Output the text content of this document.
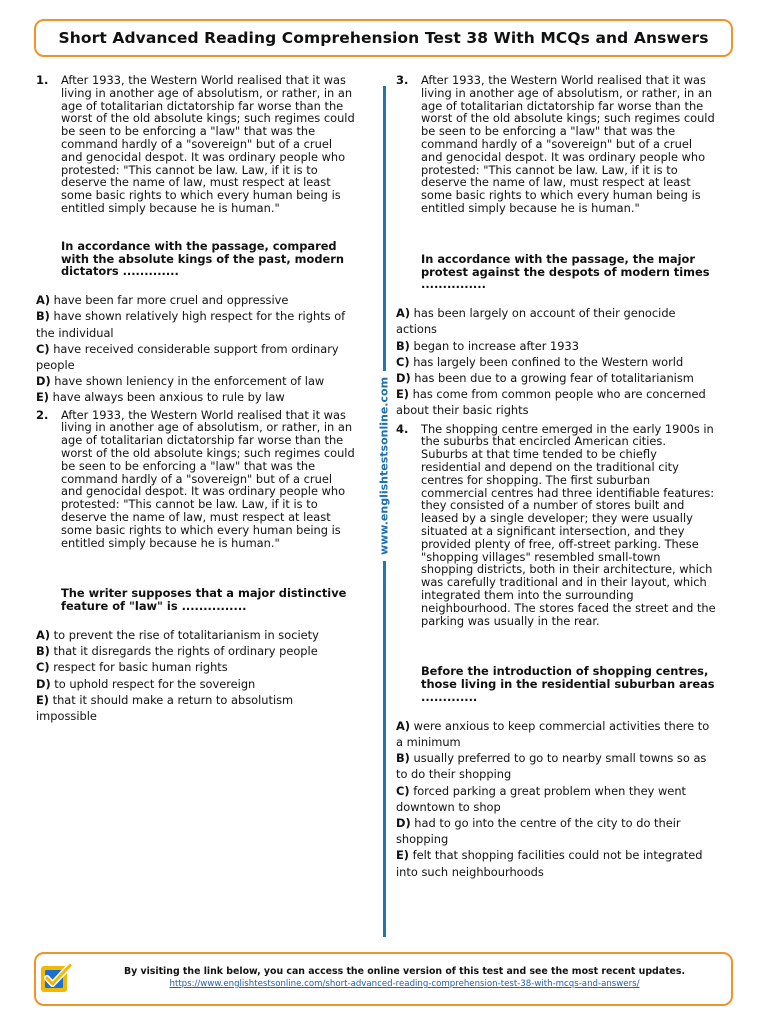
Short Advanced Reading Comprehension Test 38 With MCQs and Answers
www.englishtestsonline.com
1. After 1933, the Western World realised that it was living in another age of absolutism, or rather, in an age of totalitarian dictatorship far worse than the worst of the old absolute kings; such regimes could be seen to be enforcing a "law" that was the command hardly of a "sovereign" but of a cruel and genocidal despot. It was ordinary people who protested: "This cannot be law. Law, if it is to deserve the name of law, must respect at least some basic rights to which every human being is entitled simply because he is human."

In accordance with the passage, compared with the absolute kings of the past, modern dictators .............

A) have been far more cruel and oppressive
B) have shown relatively high respect for the rights of the individual
C) have received considerable support from ordinary people
D) have shown leniency in the enforcement of law
E) have always been anxious to rule by law
2. After 1933, the Western World realised that it was living in another age of absolutism, or rather, in an age of totalitarian dictatorship far worse than the worst of the old absolute kings; such regimes could be seen to be enforcing a "law" that was the command hardly of a "sovereign" but of a cruel and genocidal despot. It was ordinary people who protested: "This cannot be law. Law, if it is to deserve the name of law, must respect at least some basic rights to which every human being is entitled simply because he is human."

The writer supposes that a major distinctive feature of "law" is ...............

A) to prevent the rise of totalitarianism in society
B) that it disregards the rights of ordinary people
C) respect for basic human rights
D) to uphold respect for the sovereign
E) that it should make a return to absolutism impossible
3. After 1933, the Western World realised that it was living in another age of absolutism, or rather, in an age of totalitarian dictatorship far worse than the worst of the old absolute kings; such regimes could be seen to be enforcing a "law" that was the command hardly of a "sovereign" but of a cruel and genocidal despot. It was ordinary people who protested: "This cannot be law. Law, if it is to deserve the name of law, must respect at least some basic rights to which every human being is entitled simply because he is human."

In accordance with the passage, the major protest against the despots of modern times ...............

A) has been largely on account of their genocide actions
B) began to increase after 1933
C) has largely been confined to the Western world
D) has been due to a growing fear of totalitarianism
E) has come from common people who are concerned about their basic rights
4. The shopping centre emerged in the early 1900s in the suburbs that encircled American cities. Suburbs at that time tended to be chiefly residential and depend on the traditional city centres for shopping. The first suburban commercial centres had three identifiable features: they consisted of a number of stores built and leased by a single developer; they were usually situated at a significant intersection, and they provided plenty of free, off-street parking. These "shopping villages" resembled small-town shopping districts, both in their architecture, which was carefully traditional and in their layout, which integrated them into the surrounding neighbourhood. The stores faced the street and the parking was usually in the rear.

Before the introduction of shopping centres, those living in the residential suburban areas .............

A) were anxious to keep commercial activities there to a minimum
B) usually preferred to go to nearby small towns so as to do their shopping
C) forced parking a great problem when they went downtown to shop
D) had to go into the centre of the city to do their shopping
E) felt that shopping facilities could not be integrated into such neighbourhoods
By visiting the link below, you can access the online version of this test and see the most recent updates.
https://www.englishtestsonline.com/short-advanced-reading-comprehension-test-38-with-mcqs-and-answers/
